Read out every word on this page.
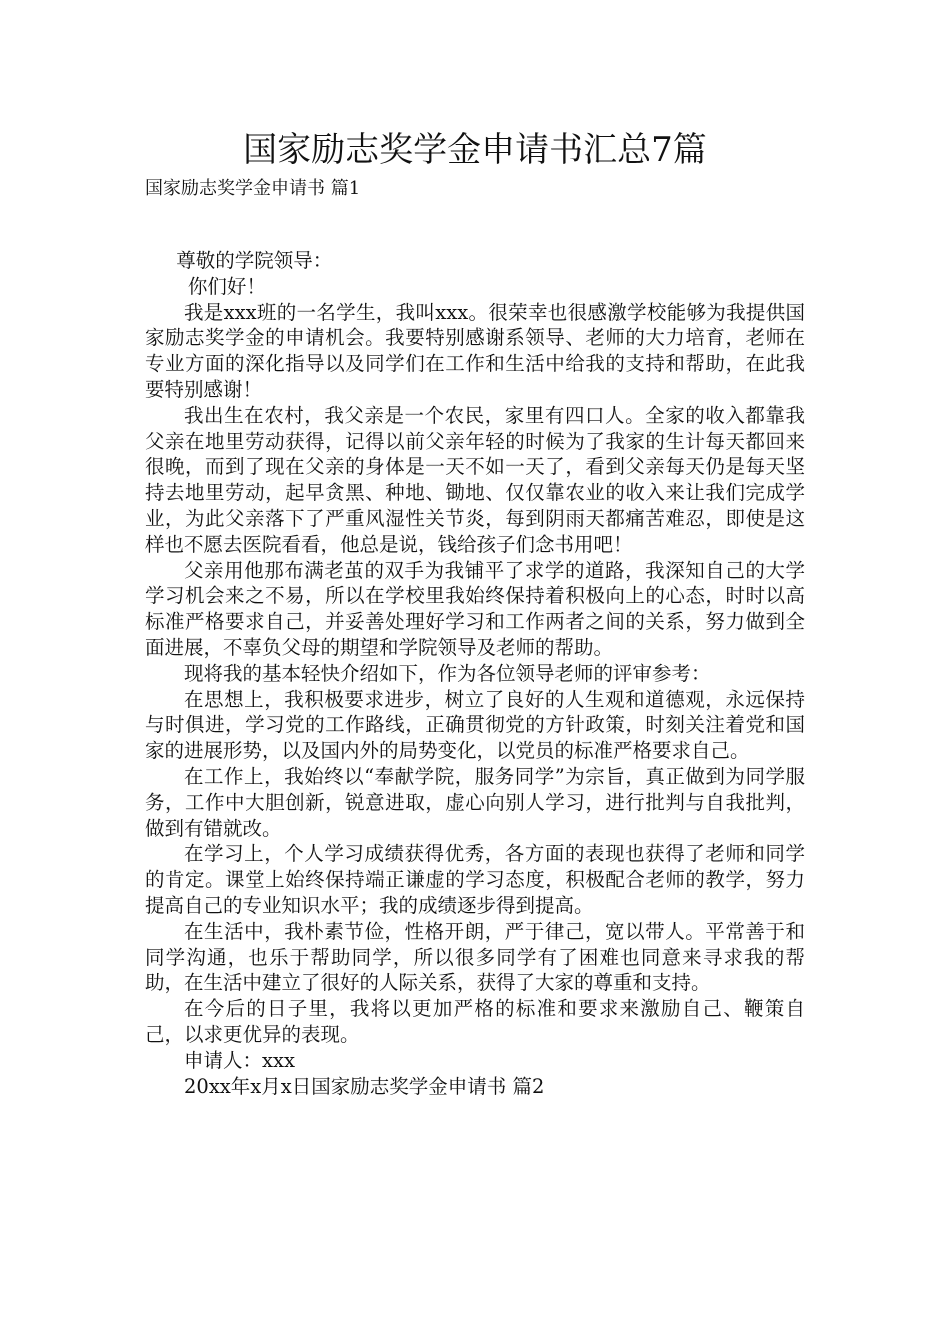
国家励志奖学金申请书汇总7篇
国家励志奖学金申请书 篇1

尊敬的学院领导：

你们好！

我是xxx班的一名学生，我叫xxx。很荣幸也很感激学校能够为我提供国家励志奖学金的申请机会。我要特别感谢系领导、老师的大力培育，老师在专业方面的深化指导以及同学们在工作和生活中给我的支持和帮助，在此我要特别感谢！

我出生在农村，我父亲是一个农民，家里有四口人。全家的收入都靠我父亲在地里劳动获得，记得以前父亲年轻的时候为了我家的生计每天都回来很晚，而到了现在父亲的身体是一天不如一天了，看到父亲每天仍是每天坚持去地里劳动，起早贪黑、种地、锄地、仅仅靠农业的收入来让我们完成学业，为此父亲落下了严重风湿性关节炎，每到阴雨天都痛苦难忍，即使是这样也不愿去医院看看，他总是说，钱给孩子们念书用吧！

父亲用他那布满老茧的双手为我铺平了求学的道路，我深知自己的大学学习机会来之不易，所以在学校里我始终保持着积极向上的心态，时时以高标准严格要求自己，并妥善处理好学习和工作两者之间的关系，努力做到全面进展，不辜负父母的期望和学院领导及老师的帮助。

现将我的基本轻快介绍如下，作为各位领导老师的评审参考：

在思想上，我积极要求进步，树立了良好的人生观和道德观，永远保持与时俱进，学习党的工作路线，正确贯彻党的方针政策，时刻关注着党和国家的进展形势，以及国内外的局势变化，以党员的标准严格要求自己。

在工作上，我始终以“奉献学院，服务同学”为宗旨，真正做到为同学服务，工作中大胆创新，锐意进取，虚心向别人学习，进行批判与自我批判，做到有错就改。

在学习上，个人学习成绩获得优秀，各方面的表现也获得了老师和同学的肯定。课堂上始终保持端正谦虚的学习态度，积极配合老师的教学，努力提高自己的专业知识水平；我的成绩逐步得到提高。

在生活中，我朴素节俭，性格开朗，严于律己，宽以带人。平常善于和同学沟通，也乐于帮助同学，所以很多同学有了困难也同意来寻求我的帮助，在生活中建立了很好的人际关系，获得了大家的尊重和支持。

在今后的日子里，我将以更加严格的标准和要求来激励自己、鞭策自己，以求更优异的表现。

申请人：xxx

20xx年x月x日国家励志奖学金申请书 篇2
